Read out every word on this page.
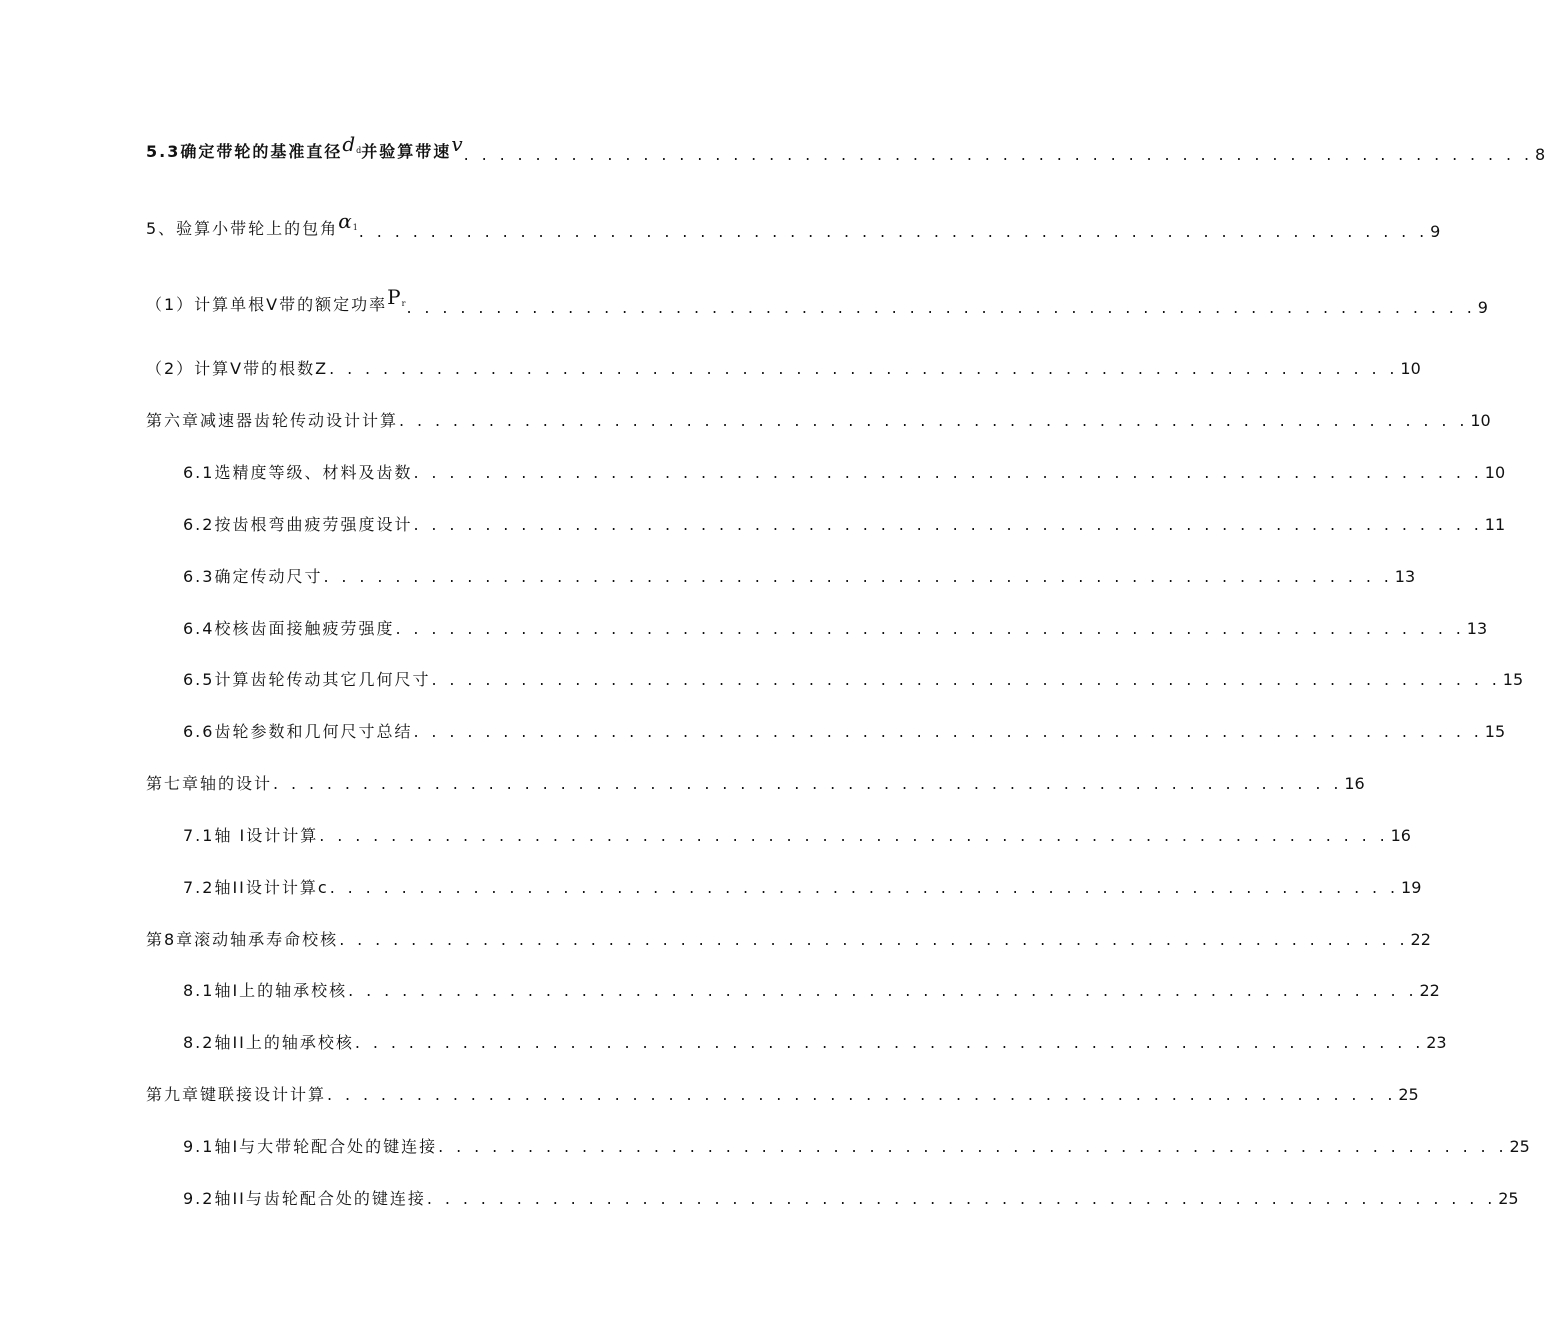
5.3确定带轮的基准直径dd并验算带速v . . . . . . . . . . . . . . . . . . . . . . . . . . . . . . . . . . . . . . . . . . . . . . . . . . . . . . . . . . . . 8
5、验算小带轮上的包角α1 . . . . . . . . . . . . . . . . . . . . . . . . . . . . . . . . . . . . . . . . . . . . . . . . . . . . . . . . . . . . 9
（1）计算单根V带的额定功率Pr . . . . . . . . . . . . . . . . . . . . . . . . . . . . . . . . . . . . . . . . . . . . . . . . . . . . . . . . . . . . 9
（2）计算V带的根数Z . . . . . . . . . . . . . . . . . . . . . . . . . . . . . . . . . . . . . . . . . . . . . . . . . . . . . . . . . . . . 10
第六章减速器齿轮传动设计计算 . . . . . . . . . . . . . . . . . . . . . . . . . . . . . . . . . . . . . . . . . . . . . . . . . . . . . . . . . . . . 10
6.1选精度等级、材料及齿数 . . . . . . . . . . . . . . . . . . . . . . . . . . . . . . . . . . . . . . . . . . . . . . . . . . . . . . . . . . . . 10
6.2按齿根弯曲疲劳强度设计 . . . . . . . . . . . . . . . . . . . . . . . . . . . . . . . . . . . . . . . . . . . . . . . . . . . . . . . . . . . . 11
6.3确定传动尺寸 . . . . . . . . . . . . . . . . . . . . . . . . . . . . . . . . . . . . . . . . . . . . . . . . . . . . . . . . . . . . 13
6.4校核齿面接触疲劳强度 . . . . . . . . . . . . . . . . . . . . . . . . . . . . . . . . . . . . . . . . . . . . . . . . . . . . . . . . . . . . 13
6.5计算齿轮传动其它几何尺寸 . . . . . . . . . . . . . . . . . . . . . . . . . . . . . . . . . . . . . . . . . . . . . . . . . . . . . . . . . . . . 15
6.6齿轮参数和几何尺寸总结 . . . . . . . . . . . . . . . . . . . . . . . . . . . . . . . . . . . . . . . . . . . . . . . . . . . . . . . . . . . . 15
第七章轴的设计 . . . . . . . . . . . . . . . . . . . . . . . . . . . . . . . . . . . . . . . . . . . . . . . . . . . . . . . . . . . . 16
7.1轴 I设计计算 . . . . . . . . . . . . . . . . . . . . . . . . . . . . . . . . . . . . . . . . . . . . . . . . . . . . . . . . . . . . 16
7.2轴II设计计算c . . . . . . . . . . . . . . . . . . . . . . . . . . . . . . . . . . . . . . . . . . . . . . . . . . . . . . . . . . . . 19
第8章滚动轴承寿命校核 . . . . . . . . . . . . . . . . . . . . . . . . . . . . . . . . . . . . . . . . . . . . . . . . . . . . . . . . . . . . 22
8.1轴I上的轴承校核 . . . . . . . . . . . . . . . . . . . . . . . . . . . . . . . . . . . . . . . . . . . . . . . . . . . . . . . . . . . . 22
8.2轴II上的轴承校核 . . . . . . . . . . . . . . . . . . . . . . . . . . . . . . . . . . . . . . . . . . . . . . . . . . . . . . . . . . . . 23
第九章键联接设计计算 . . . . . . . . . . . . . . . . . . . . . . . . . . . . . . . . . . . . . . . . . . . . . . . . . . . . . . . . . . . . 25
9.1轴I与大带轮配合处的键连接 . . . . . . . . . . . . . . . . . . . . . . . . . . . . . . . . . . . . . . . . . . . . . . . . . . . . . . . . . . . . 25
9.2轴II与齿轮配合处的键连接 . . . . . . . . . . . . . . . . . . . . . . . . . . . . . . . . . . . . . . . . . . . . . . . . . . . . . . . . . . . . 25
